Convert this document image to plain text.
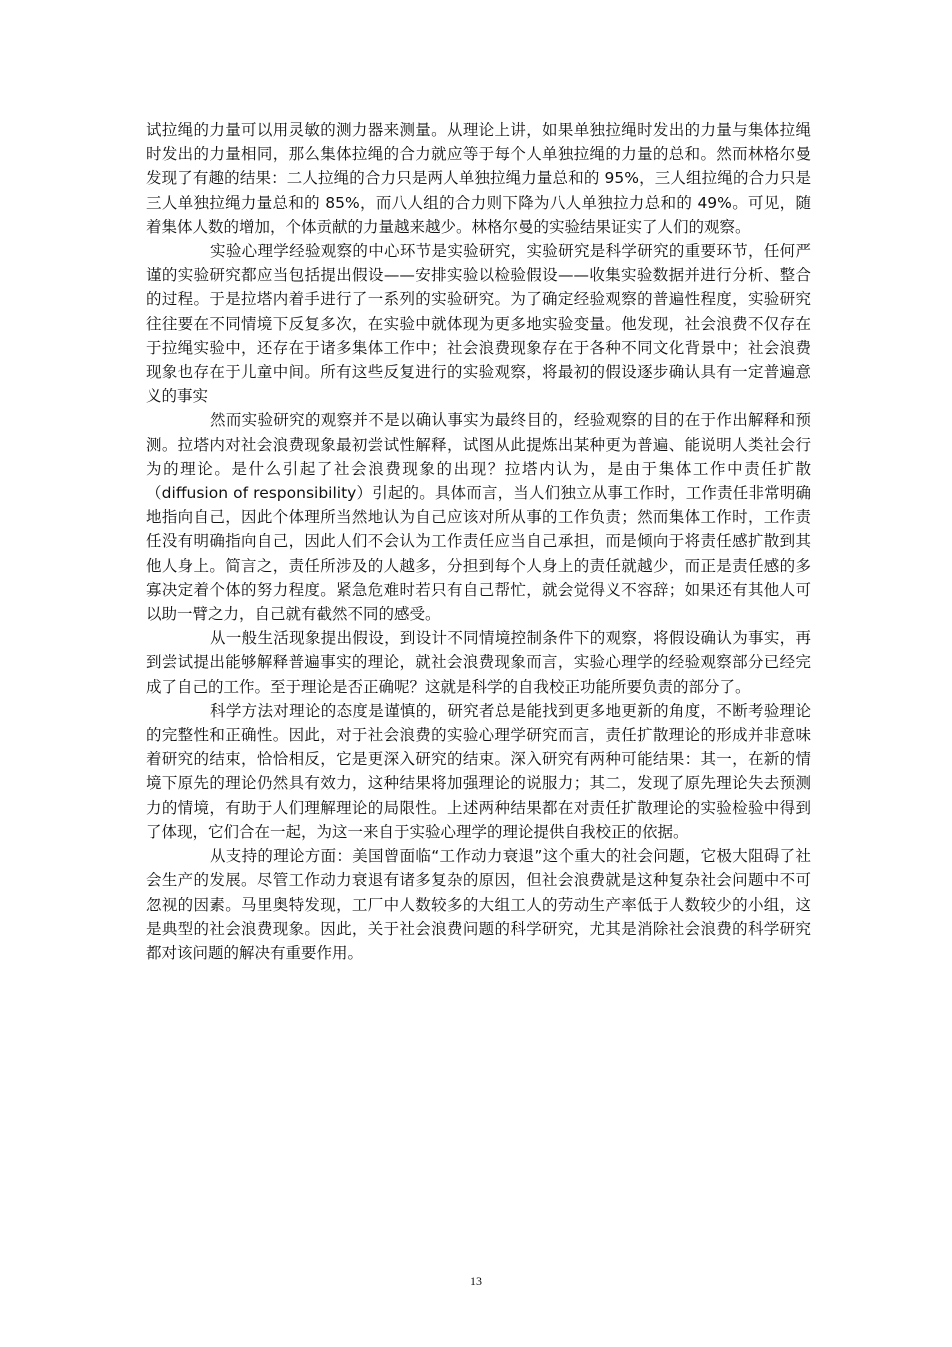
试拉绳的力量可以用灵敏的测力器来测量。从理论上讲，如果单独拉绳时发出的力量与集体拉绳时发出的力量相同，那么集体拉绳的合力就应等于每个人单独拉绳的力量的总和。然而林格尔曼发现了有趣的结果：二人拉绳的合力只是两人单独拉绳力量总和的 95%，三人组拉绳的合力只是三人单独拉绳力量总和的 85%，而八人组的合力则下降为八人单独拉力总和的 49%。可见，随着集体人数的增加，个体贡献的力量越来越少。林格尔曼的实验结果证实了人们的观察。

实验心理学经验观察的中心环节是实验研究，实验研究是科学研究的重要环节，任何严谨的实验研究都应当包括提出假设——安排实验以检验假设——收集实验数据并进行分析、整合的过程。于是拉塔内着手进行了一系列的实验研究。为了确定经验观察的普遍性程度，实验研究往往要在不同情境下反复多次，在实验中就体现为更多地实验变量。他发现，社会浪费不仅存在于拉绳实验中，还存在于诸多集体工作中；社会浪费现象存在于各种不同文化背景中；社会浪费现象也存在于儿童中间。所有这些反复进行的实验观察，将最初的假设逐步确认具有一定普遍意义的事实

然而实验研究的观察并不是以确认事实为最终目的，经验观察的目的在于作出解释和预测。拉塔内对社会浪费现象最初尝试性解释，试图从此提炼出某种更为普遍、能说明人类社会行为的理论。是什么引起了社会浪费现象的出现？拉塔内认为，是由于集体工作中责任扩散（diffusion of responsibility）引起的。具体而言，当人们独立从事工作时，工作责任非常明确地指向自己，因此个体理所当然地认为自己应该对所从事的工作负责；然而集体工作时，工作责任没有明确指向自己，因此人们不会认为工作责任应当自己承担，而是倾向于将责任感扩散到其他人身上。简言之，责任所涉及的人越多，分担到每个人身上的责任就越少，而正是责任感的多寡决定着个体的努力程度。紧急危难时若只有自己帮忙，就会觉得义不容辞；如果还有其他人可以助一臂之力，自己就有截然不同的感受。

从一般生活现象提出假设，到设计不同情境控制条件下的观察，将假设确认为事实，再到尝试提出能够解释普遍事实的理论，就社会浪费现象而言，实验心理学的经验观察部分已经完成了自己的工作。至于理论是否正确呢？这就是科学的自我校正功能所要负责的部分了。

科学方法对理论的态度是谨慎的，研究者总是能找到更多地更新的角度，不断考验理论的完整性和正确性。因此，对于社会浪费的实验心理学研究而言，责任扩散理论的形成并非意味着研究的结束，恰恰相反，它是更深入研究的结束。深入研究有两种可能结果：其一，在新的情境下原先的理论仍然具有效力，这种结果将加强理论的说服力；其二，发现了原先理论失去预测力的情境，有助于人们理解理论的局限性。上述两种结果都在对责任扩散理论的实验检验中得到了体现，它们合在一起，为这一来自于实验心理学的理论提供自我校正的依据。

从支持的理论方面：美国曾面临“工作动力衰退”这个重大的社会问题，它极大阻碍了社会生产的发展。尽管工作动力衰退有诸多复杂的原因，但社会浪费就是这种复杂社会问题中不可忽视的因素。马里奥特发现，工厂中人数较多的大组工人的劳动生产率低于人数较少的小组，这是典型的社会浪费现象。因此，关于社会浪费问题的科学研究，尤其是消除社会浪费的科学研究都对该问题的解决有重要作用。

13
